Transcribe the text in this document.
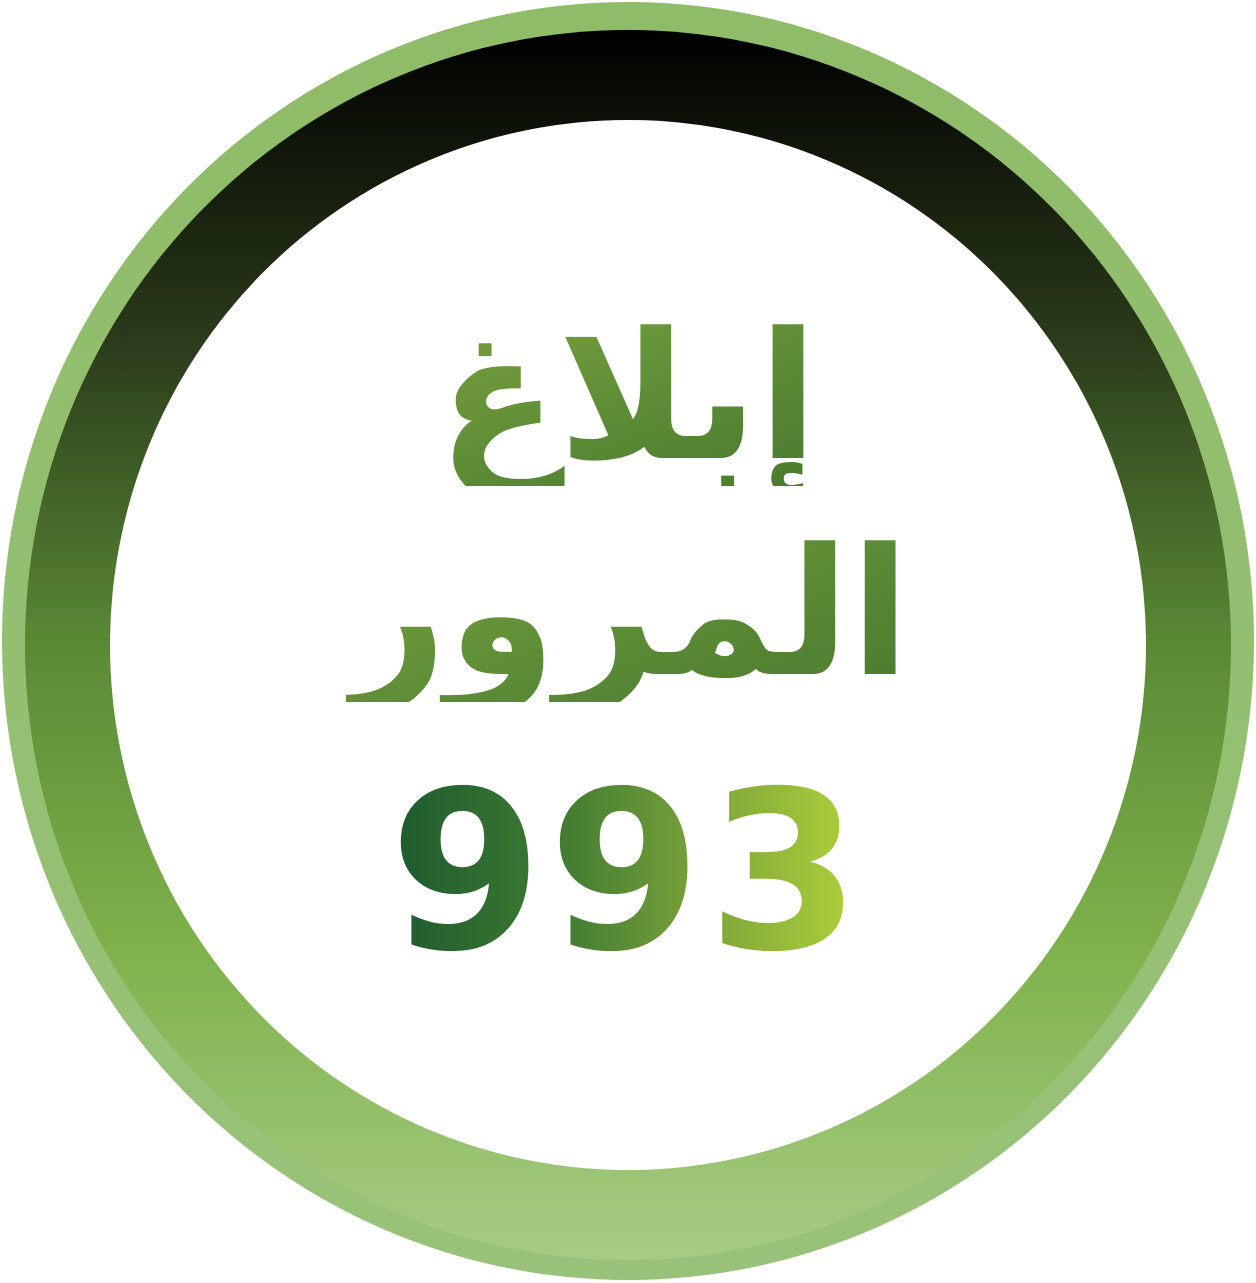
إبلاغ
المرور
993
